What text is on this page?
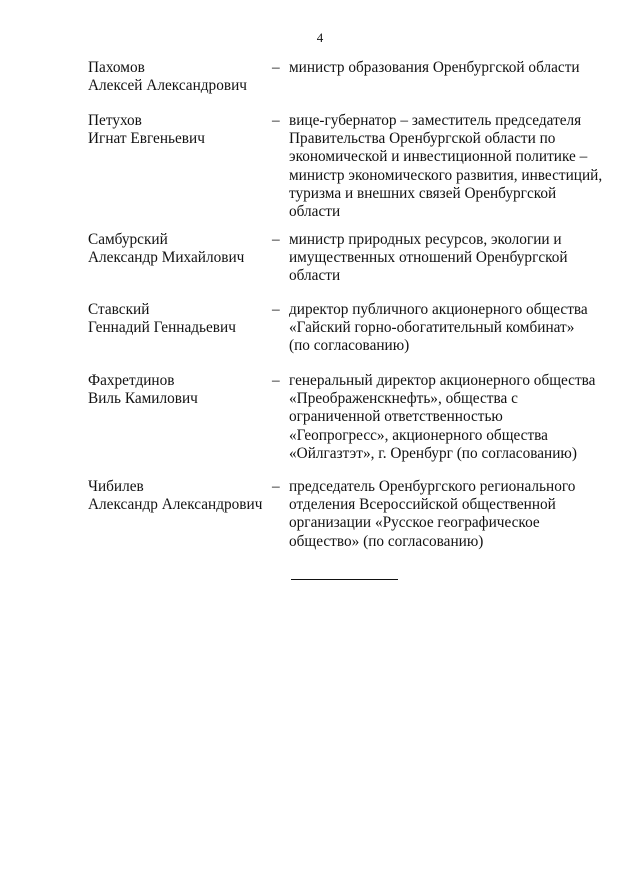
4
Пахомов
Алексей Александрович
– министр образования Оренбургской области
Петухов
Игнат Евгеньевич
– вице-губернатор – заместитель председателя
Правительства Оренбургской области по
экономической и инвестиционной политике –
министр экономического развития, инвестиций,
туризма и внешних связей Оренбургской
области
Самбурский
Александр Михайлович
– министр природных ресурсов, экологии и
имущественных отношений Оренбургской
области
Ставский
Геннадий Геннадьевич
– директор публичного акционерного общества
«Гайский горно-обогатительный комбинат»
(по согласованию)
Фахретдинов
Виль Камилович
– генеральный директор акционерного общества
«Преображенскнефть», общества с
ограниченной ответственностью
«Геопрогресс», акционерного общества
«Ойлгазтэт», г. Оренбург (по согласованию)
Чибилев
Александр Александрович
– председатель Оренбургского регионального
отделения Всероссийской общественной
организации «Русское географическое
общество» (по согласованию)
